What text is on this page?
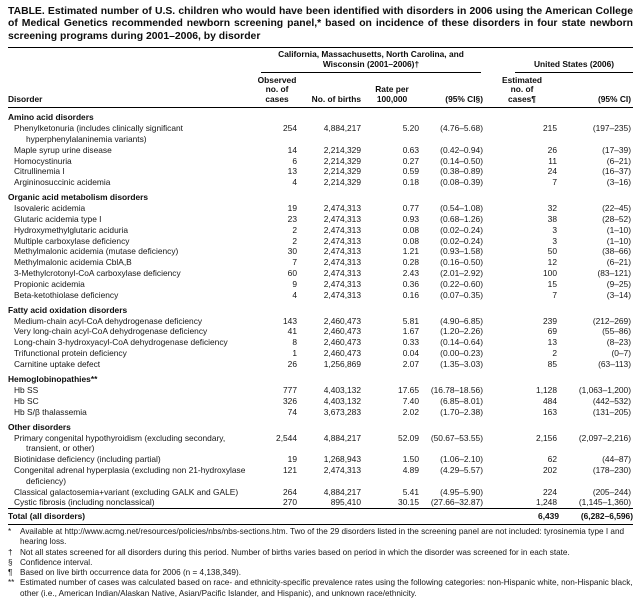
TABLE. Estimated number of U.S. children who would have been identified with disorders in 2006 using the American College of Medical Genetics recommended newborn screening panel,* based on incidence of these disorders in four state newborn screening programs during 2001–2006, by disorder

	California, Massachusetts, North Carolina, and Wisconsin (2001–2006)†				United States (2006)	

Disorder	Observed no. of cases	No. of births	Rate per 100,000	(95% CI§)	Estimated no. of cases¶	(95% CI)
Amino acid disorders						
Phenylketonuria (includes clinically significant hyperphenylalaninemia variants)	254	4,884,217	5.20	(4.76–5.68)	215	(197–235)
Maple syrup urine disease	14	2,214,329	0.63	(0.42–0.94)	26	(17–39)
Homocystinuria	6	2,214,329	0.27	(0.14–0.50)	11	(6–21)
Citrullinemia I	13	2,214,329	0.59	(0.38–0.89)	24	(16–37)
Argininosuccinic acidemia	4	2,214,329	0.18	(0.08–0.39)	7	(3–16)
Organic acid metabolism disorders						
Isovaleric acidemia	19	2,474,313	0.77	(0.54–1.08)	32	(22–45)
Glutaric acidemia type I	23	2,474,313	0.93	(0.68–1.26)	38	(28–52)
Hydroxymethylglutaric aciduria	2	2,474,313	0.08	(0.02–0.24)	3	(1–10)
Multiple carboxylase deficiency	2	2,474,313	0.08	(0.02–0.24)	3	(1–10)
Methylmalonic acidemia (mutase deficiency)	30	2,474,313	1.21	(0.93–1.58)	50	(38–66)
Methylmalonic acidemia CblA,B	7	2,474,313	0.28	(0.16–0.50)	12	(6–21)
3-Methylcrotonyl-CoA carboxylase deficiency	60	2,474,313	2.43	(2.01–2.92)	100	(83–121)
Propionic acidemia	9	2,474,313	0.36	(0.22–0.60)	15	(9–25)
Beta-ketothiolase deficiency	4	2,474,313	0.16	(0.07–0.35)	7	(3–14)
Fatty acid oxidation disorders						
Medium-chain acyl-CoA dehydrogenase deficiency	143	2,460,473	5.81	(4.90–6.85)	239	(212–269)
Very long-chain acyl-CoA dehydrogenase deficiency	41	2,460,473	1.67	(1.20–2.26)	69	(55–86)
Long-chain 3-hydroxyacyl-CoA dehydrogenase deficiency	8	2,460,473	0.33	(0.14–0.64)	13	(8–23)
Trifunctional protein deficiency	1	2,460,473	0.04	(0.00–0.23)	2	(0–7)
Carnitine uptake defect	26	1,256,869	2.07	(1.35–3.03)	85	(63–113)
Hemoglobinopathies**						
Hb SS	777	4,403,132	17.65	(16.78–18.56)	1,128	(1,063–1,200)
Hb SC	326	4,403,132	7.40	(6.85–8.01)	484	(442–532)
Hb S/β thalassemia	74	3,673,283	2.02	(1.70–2.38)	163	(131–205)
Other disorders						
Primary congenital hypothyroidism (excluding secondary, transient, or other)	2,544	4,884,217	52.09	(50.67–53.55)	2,156	(2,097–2,216)
Biotinidase deficiency (including partial)	19	1,268,943	1.50	(1.06–2.10)	62	(44–87)
Congenital adrenal hyperplasia (excluding non 21-hydroxylase deficiency)	121	2,474,313	4.89	(4.29–5.57)	202	(178–230)
Classical galactosemia+variant (excluding GALK and GALE)	264	4,884,217	5.41	(4.95–5.90)	224	(205–244)
Cystic fibrosis (including nonclassical)	270	895,410	30.15	(27.66–32.87)	1,248	(1,145–1,360)
Total (all disorders)					6,439	(6,282–6,596)
* Available at http://www.acmg.net/resources/policies/nbs/nbs-sections.htm. Two of the 29 disorders listed in the screening panel are not included: tyrosinemia type I and hearing loss.
† Not all states screened for all disorders during this period. Number of births varies based on period in which the disorder was screened for in each state.
§ Confidence interval.
¶ Based on live birth occurrence data for 2006 (n = 4,138,349).
** Estimated number of cases was calculated based on race- and ethnicity-specific prevalence rates using the following categories: non-Hispanic white, non-Hispanic black, other (i.e., American Indian/Alaskan Native, Asian/Pacific Islander, and Hispanic), and unknown race/ethnicity.
